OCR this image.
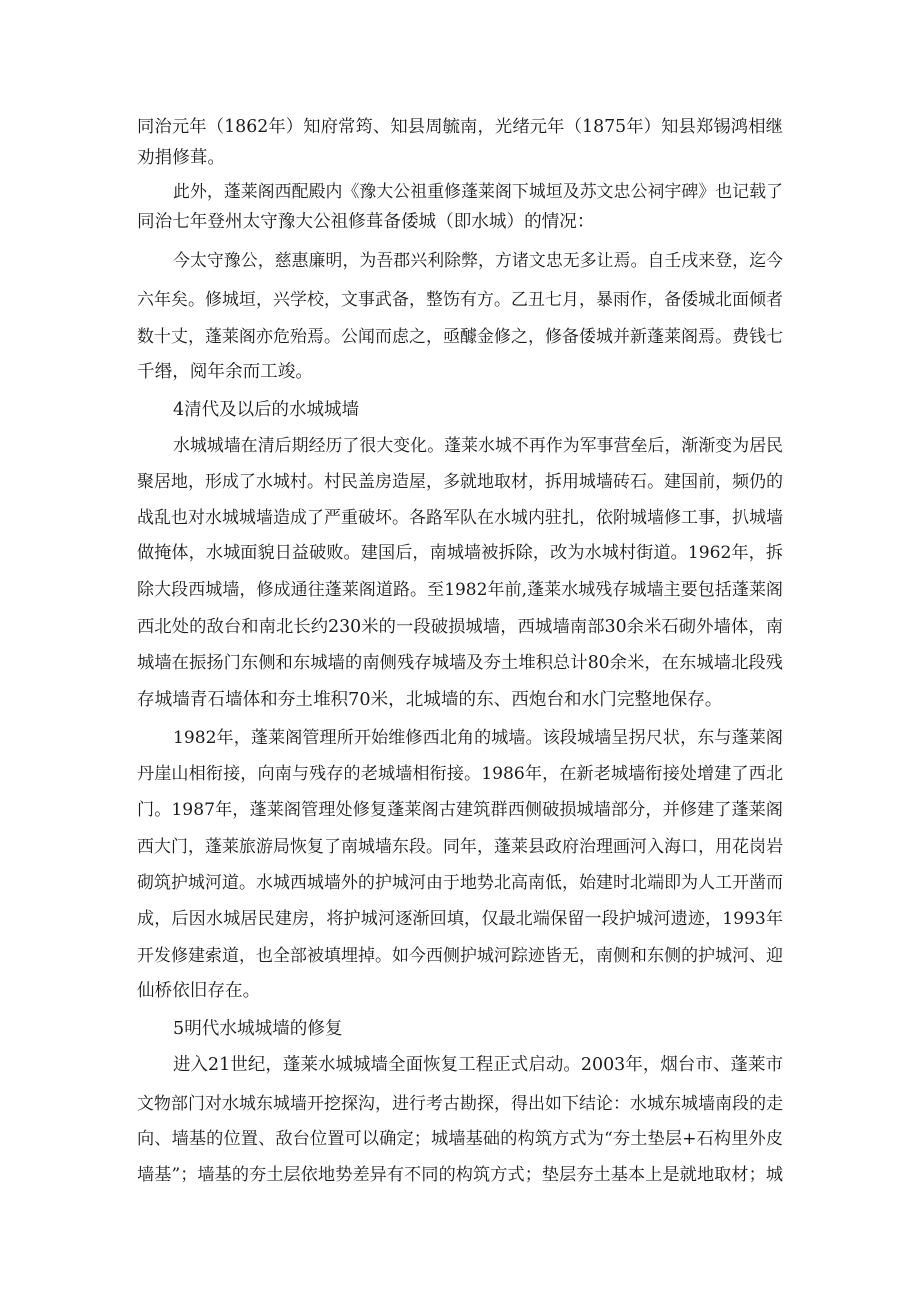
同治元年（1862年）知府常筠、知县周毓南，光绪元年（1875年）知县郑锡鸿相继
劝捐修葺。
此外，蓬莱阁西配殿内《豫大公祖重修蓬莱阁下城垣及苏文忠公祠宇碑》也记载了
同治七年登州太守豫大公祖修葺备倭城（即水城）的情况：
今太守豫公，慈惠廉明，为吾郡兴利除弊，方诸文忠无多让焉。自壬戌来登，迄今
六年矣。修城垣，兴学校，文事武备，整饬有方。乙丑七月，暴雨作，备倭城北面倾者
数十丈，蓬莱阁亦危殆焉。公闻而虑之，亟醵金修之，修备倭城并新蓬莱阁焉。费钱七
千缗，阅年余而工竣。
4清代及以后的水城城墙
水城城墙在清后期经历了很大变化。蓬莱水城不再作为军事营垒后，渐渐变为居民
聚居地，形成了水城村。村民盖房造屋，多就地取材，拆用城墙砖石。建国前，频仍的
战乱也对水城城墙造成了严重破坏。各路军队在水城内驻扎，依附城墙修工事，扒城墙
做掩体，水城面貌日益破败。建国后，南城墙被拆除，改为水城村街道。1962年，拆
除大段西城墙，修成通往蓬莱阁道路。至1982年前,蓬莱水城残存城墙主要包括蓬莱阁
西北处的敌台和南北长约230米的一段破损城墙，西城墙南部30余米石砌外墙体，南
城墙在振扬门东侧和东城墙的南侧残存城墙及夯土堆积总计80余米，在东城墙北段残
存城墙青石墙体和夯土堆积70米，北城墙的东、西炮台和水门完整地保存。
1982年，蓬莱阁管理所开始维修西北角的城墙。该段城墙呈拐尺状，东与蓬莱阁
丹崖山相衔接，向南与残存的老城墙相衔接。1986年，在新老城墙衔接处增建了西北
门。1987年，蓬莱阁管理处修复蓬莱阁古建筑群西侧破损城墙部分，并修建了蓬莱阁
西大门，蓬莱旅游局恢复了南城墙东段。同年，蓬莱县政府治理画河入海口，用花岗岩
砌筑护城河道。水城西城墙外的护城河由于地势北高南低，始建时北端即为人工开凿而
成，后因水城居民建房，将护城河逐渐回填，仅最北端保留一段护城河遗迹，1993年
开发修建索道，也全部被填埋掉。如今西侧护城河踪迹皆无，南侧和东侧的护城河、迎
仙桥依旧存在。
5明代水城城墙的修复
进入21世纪，蓬莱水城城墙全面恢复工程正式启动。2003年，烟台市、蓬莱市
文物部门对水城东城墙开挖探沟，进行考古勘探，得出如下结论：水城东城墙南段的走
向、墙基的位置、敌台位置可以确定；城墙基础的构筑方式为“夯土垫层+石构里外皮
墙基”；墙基的夯土层依地势差异有不同的构筑方式；垫层夯土基本上是就地取材；城
